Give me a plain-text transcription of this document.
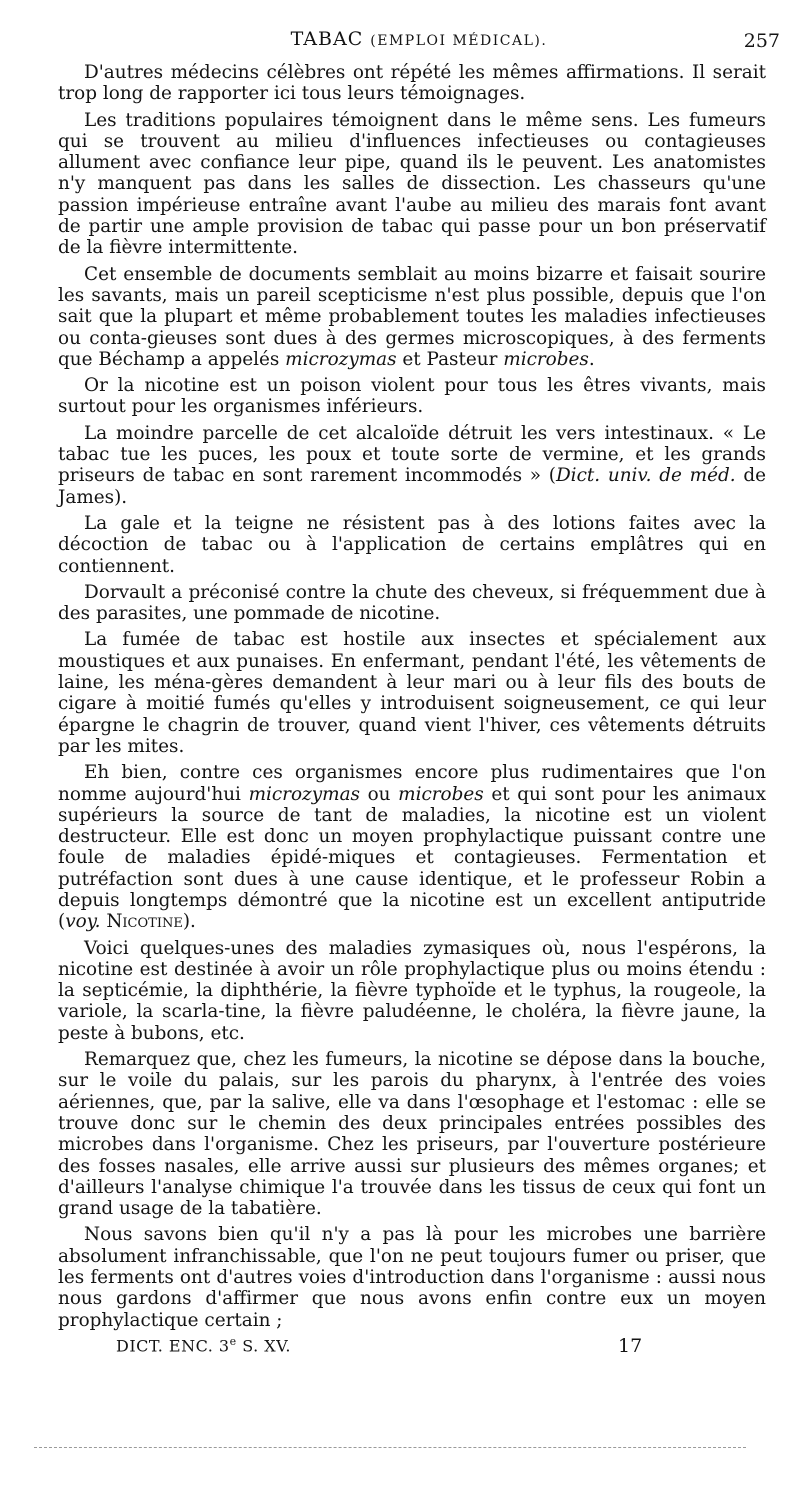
TABAC (EMPLOI MÉDICAL).	257

D'autres médecins célèbres ont répété les mêmes affirmations. Il serait trop long de rapporter ici tous leurs témoignages.

Les traditions populaires témoignent dans le même sens. Les fumeurs qui se trouvent au milieu d'influences infectieuses ou contagieuses allument avec confiance leur pipe, quand ils le peuvent. Les anatomistes n'y manquent pas dans les salles de dissection. Les chasseurs qu'une passion impérieuse entraîne avant l'aube au milieu des marais font avant de partir une ample provision de tabac qui passe pour un bon préservatif de la fièvre intermittente.

Cet ensemble de documents semblait au moins bizarre et faisait sourire les savants, mais un pareil scepticisme n'est plus possible, depuis que l'on sait que la plupart et même probablement toutes les maladies infectieuses ou conta-gieuses sont dues à des germes microscopiques, à des ferments que Béchamp a appelés microzymas et Pasteur microbes.

Or la nicotine est un poison violent pour tous les êtres vivants, mais surtout pour les organismes inférieurs.

La moindre parcelle de cet alcaloïde détruit les vers intestinaux. « Le tabac tue les puces, les poux et toute sorte de vermine, et les grands priseurs de tabac en sont rarement incommodés » (Dict. univ. de méd. de James).

La gale et la teigne ne résistent pas à des lotions faites avec la décoction de tabac ou à l'application de certains emplâtres qui en contiennent.

Dorvault a préconisé contre la chute des cheveux, si fréquemment due à des parasites, une pommade de nicotine.

La fumée de tabac est hostile aux insectes et spécialement aux moustiques et aux punaises. En enfermant, pendant l'été, les vêtements de laine, les ména-gères demandent à leur mari ou à leur fils des bouts de cigare à moitié fumés qu'elles y introduisent soigneusement, ce qui leur épargne le chagrin de trouver, quand vient l'hiver, ces vêtements détruits par les mites.

Eh bien, contre ces organismes encore plus rudimentaires que l'on nomme aujourd'hui microzymas ou microbes et qui sont pour les animaux supérieurs la source de tant de maladies, la nicotine est un violent destructeur. Elle est donc un moyen prophylactique puissant contre une foule de maladies épidé-miques et contagieuses. Fermentation et putréfaction sont dues à une cause identique, et le professeur Robin a depuis longtemps démontré que la nicotine est un excellent antiputride (voy. Nicotine).

Voici quelques-unes des maladies zymasiques où, nous l'espérons, la nicotine est destinée à avoir un rôle prophylactique plus ou moins étendu : la septicémie, la diphthérie, la fièvre typhoïde et le typhus, la rougeole, la variole, la scarla-tine, la fièvre paludéenne, le choléra, la fièvre jaune, la peste à bubons, etc.

Remarquez que, chez les fumeurs, la nicotine se dépose dans la bouche, sur le voile du palais, sur les parois du pharynx, à l'entrée des voies aériennes, que, par la salive, elle va dans l'œsophage et l'estomac : elle se trouve donc sur le chemin des deux principales entrées possibles des microbes dans l'organisme. Chez les priseurs, par l'ouverture postérieure des fosses nasales, elle arrive aussi sur plusieurs des mêmes organes; et d'ailleurs l'analyse chimique l'a trouvée dans les tissus de ceux qui font un grand usage de la tabatière.

Nous savons bien qu'il n'y a pas là pour les microbes une barrière absolument infranchissable, que l'on ne peut toujours fumer ou priser, que les ferments ont d'autres voies d'introduction dans l'organisme : aussi nous nous gardons d'affirmer que nous avons enfin contre eux un moyen prophylactique certain ;

DICT. ENC. 3e S. XV.	17
